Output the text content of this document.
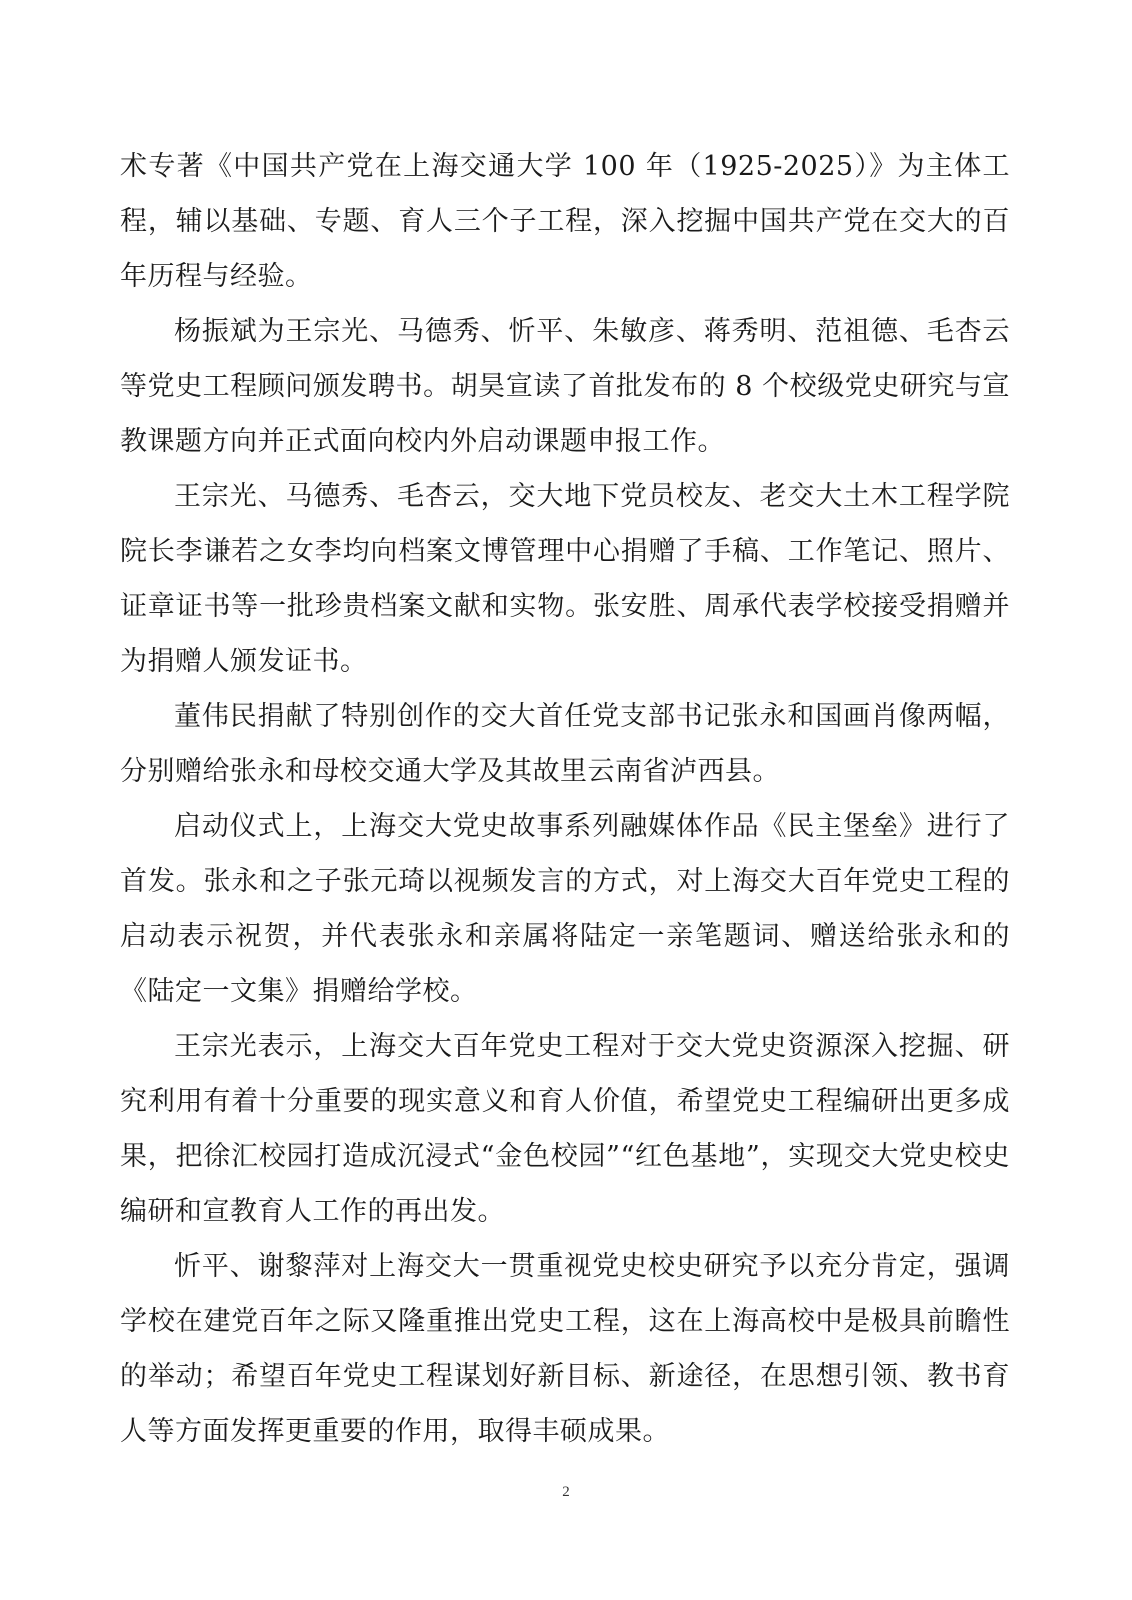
术专著《中国共产党在上海交通大学 100 年（1925-2025）》为主体工程，辅以基础、专题、育人三个子工程，深入挖掘中国共产党在交大的百年历程与经验。

杨振斌为王宗光、马德秀、忻平、朱敏彦、蒋秀明、范祖德、毛杏云等党史工程顾问颁发聘书。胡昊宣读了首批发布的 8 个校级党史研究与宣教课题方向并正式面向校内外启动课题申报工作。

王宗光、马德秀、毛杏云，交大地下党员校友、老交大土木工程学院院长李谦若之女李均向档案文博管理中心捐赠了手稿、工作笔记、照片、证章证书等一批珍贵档案文献和实物。张安胜、周承代表学校接受捐赠并为捐赠人颁发证书。

董伟民捐献了特别创作的交大首任党支部书记张永和国画肖像两幅，分别赠给张永和母校交通大学及其故里云南省泸西县。

启动仪式上，上海交大党史故事系列融媒体作品《民主堡垒》进行了首发。张永和之子张元琦以视频发言的方式，对上海交大百年党史工程的启动表示祝贺，并代表张永和亲属将陆定一亲笔题词、赠送给张永和的《陆定一文集》捐赠给学校。

王宗光表示，上海交大百年党史工程对于交大党史资源深入挖掘、研究利用有着十分重要的现实意义和育人价值，希望党史工程编研出更多成果，把徐汇校园打造成沉浸式“金色校园”“红色基地”，实现交大党史校史编研和宣教育人工作的再出发。

忻平、谢黎萍对上海交大一贯重视党史校史研究予以充分肯定，强调学校在建党百年之际又隆重推出党史工程，这在上海高校中是极具前瞻性的举动；希望百年党史工程谋划好新目标、新途径，在思想引领、教书育人等方面发挥更重要的作用，取得丰硕成果。

2
